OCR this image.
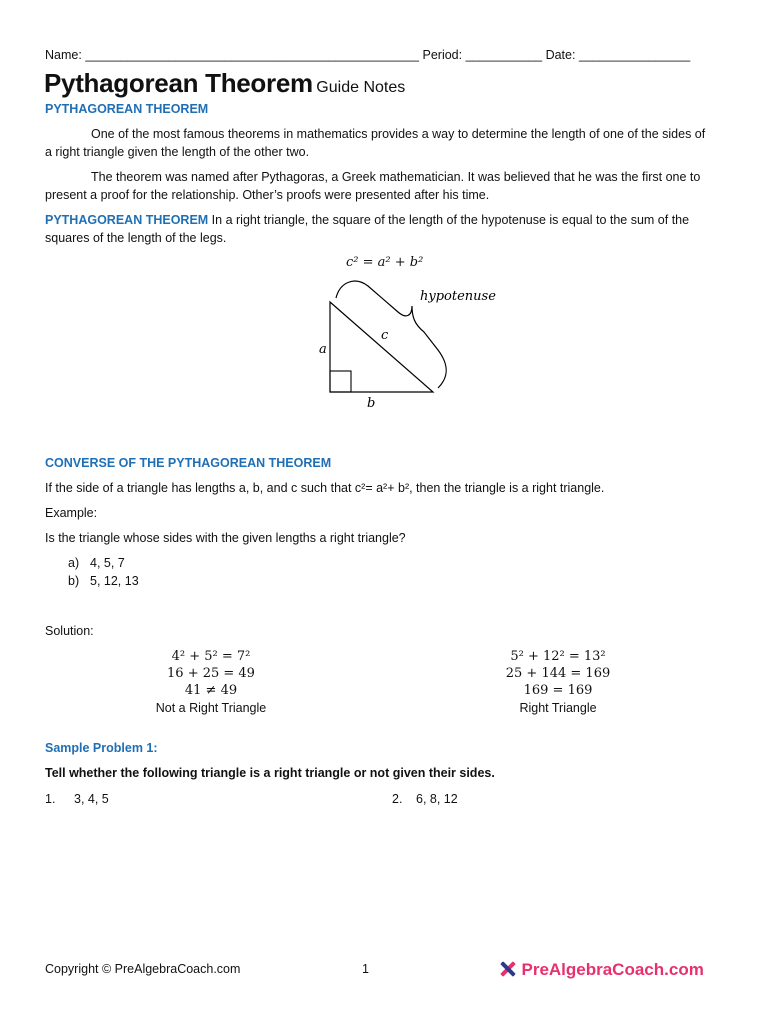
Name: ________________________________________________ Period: ___________ Date: ________________
Pythagorean Theorem Guide Notes
PYTHAGOREAN THEOREM
One of the most famous theorems in mathematics provides a way to determine the length of one of the sides of
a right triangle given the length of the other two.
The theorem was named after Pythagoras, a Greek mathematician. It was believed that he was the first one to
present a proof for the relationship. Other’s proofs were presented after his time.
PYTHAGOREAN THEOREM In a right triangle, the square of the length of the hypotenuse is equal to the sum of the
squares of the length of the legs.
c² = a² + b²
hypotenuse
a
b
c
CONVERSE OF THE PYTHAGOREAN THEOREM
If the side of a triangle has lengths a, b, and c such that c²= a²+ b², then the triangle is a right triangle.
Example:
Is the triangle whose sides with the given lengths a right triangle?
a) 4, 5, 7
b) 5, 12, 13
Solution:
4² + 5² = 7²
16 + 25 = 49
41 ≠ 49
Not a Right Triangle
5² + 12² = 13²
25 + 144 = 169
169 = 169
Right Triangle
Sample Problem 1:
Tell whether the following triangle is a right triangle or not given their sides.
1. 3, 4, 5	2. 6, 8, 12
Copyright © PreAlgebraCoach.com	1	PreAlgebraCoach.com
